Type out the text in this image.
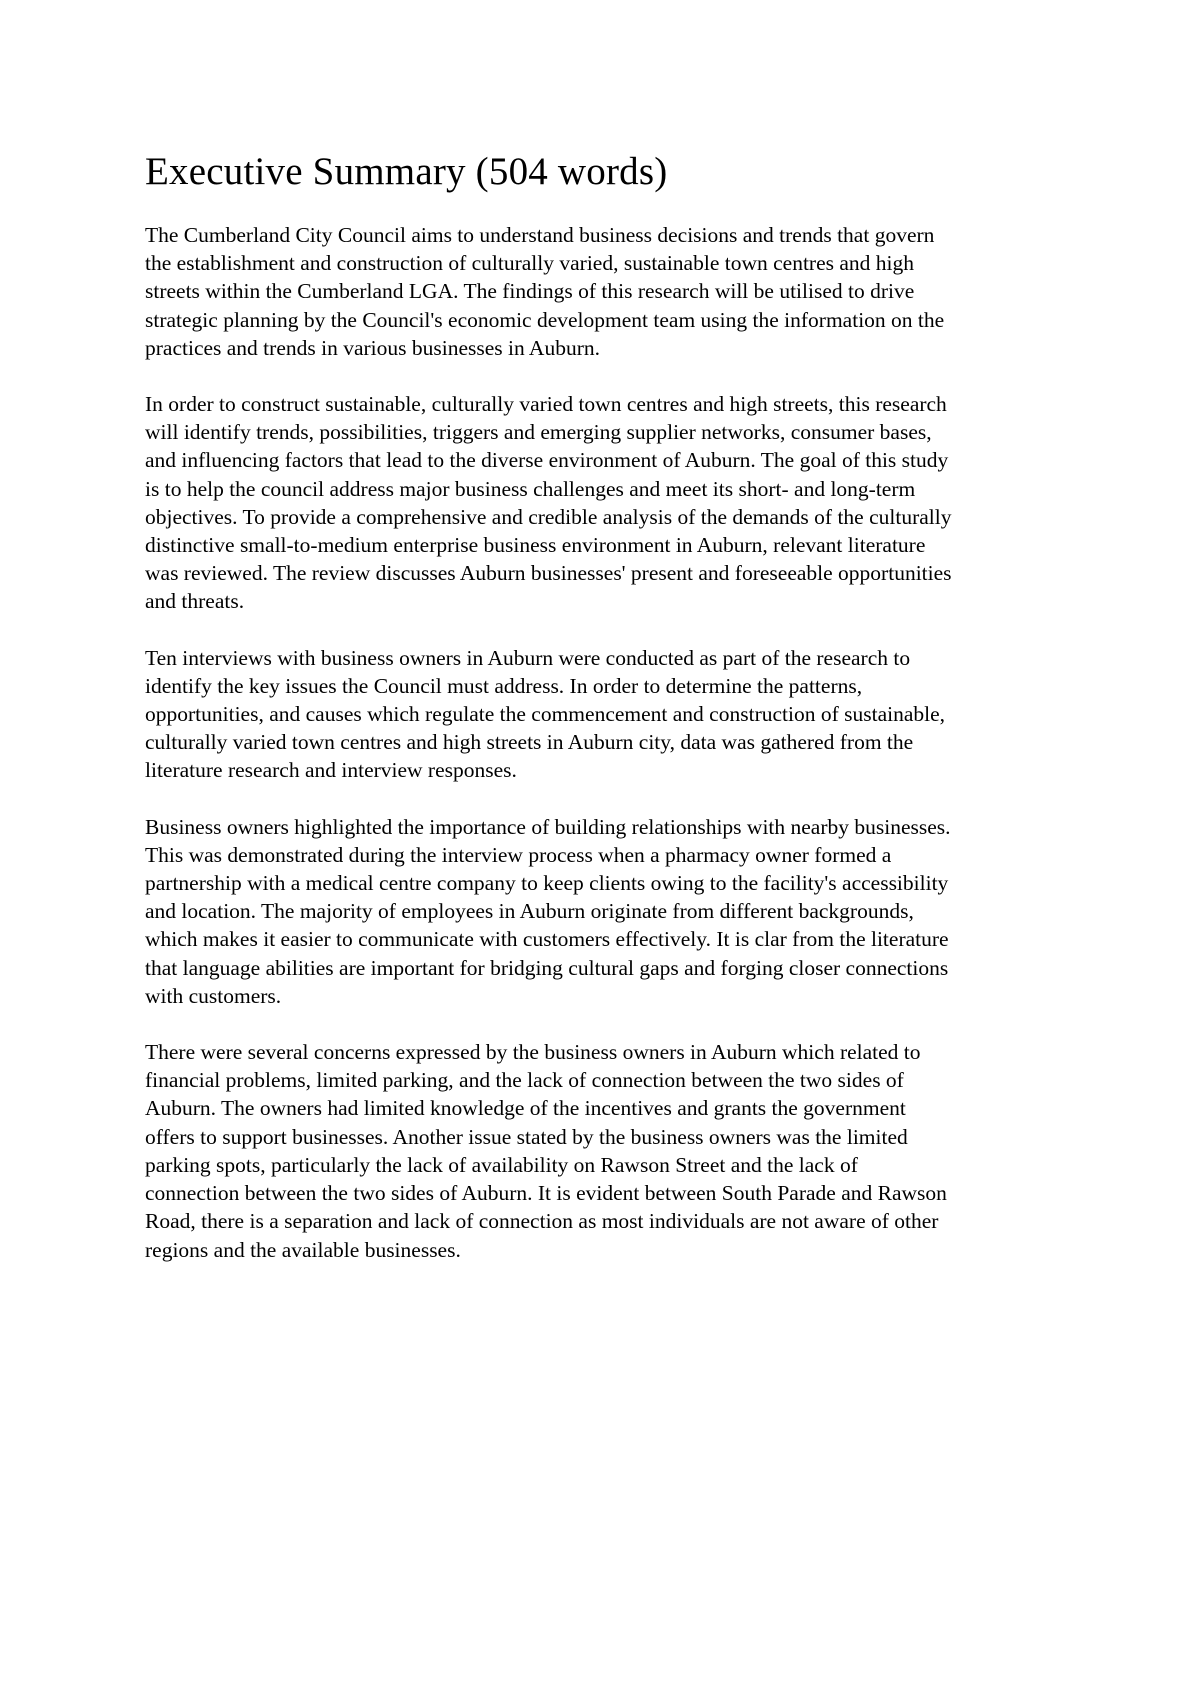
Executive Summary (504 words)

The Cumberland City Council aims to understand business decisions and trends that govern
the establishment and construction of culturally varied, sustainable town centres and high
streets within the Cumberland LGA. The findings of this research will be utilised to drive
strategic planning by the Council's economic development team using the information on the
practices and trends in various businesses in Auburn.

In order to construct sustainable, culturally varied town centres and high streets, this research
will identify trends, possibilities, triggers and emerging supplier networks, consumer bases,
and influencing factors that lead to the diverse environment of Auburn. The goal of this study
is to help the council address major business challenges and meet its short- and long-term
objectives. To provide a comprehensive and credible analysis of the demands of the culturally
distinctive small-to-medium enterprise business environment in Auburn, relevant literature
was reviewed. The review discusses Auburn businesses' present and foreseeable opportunities
and threats.

Ten interviews with business owners in Auburn were conducted as part of the research to
identify the key issues the Council must address. In order to determine the patterns,
opportunities, and causes which regulate the commencement and construction of sustainable,
culturally varied town centres and high streets in Auburn city, data was gathered from the
literature research and interview responses.

Business owners highlighted the importance of building relationships with nearby businesses.
This was demonstrated during the interview process when a pharmacy owner formed a
partnership with a medical centre company to keep clients owing to the facility's accessibility
and location. The majority of employees in Auburn originate from different backgrounds,
which makes it easier to communicate with customers effectively. It is clar from the literature
that language abilities are important for bridging cultural gaps and forging closer connections
with customers.

There were several concerns expressed by the business owners in Auburn which related to
financial problems, limited parking, and the lack of connection between the two sides of
Auburn. The owners had limited knowledge of the incentives and grants the government
offers to support businesses. Another issue stated by the business owners was the limited
parking spots, particularly the lack of availability on Rawson Street and the lack of
connection between the two sides of Auburn. It is evident between South Parade and Rawson
Road, there is a separation and lack of connection as most individuals are not aware of other
regions and the available businesses.
